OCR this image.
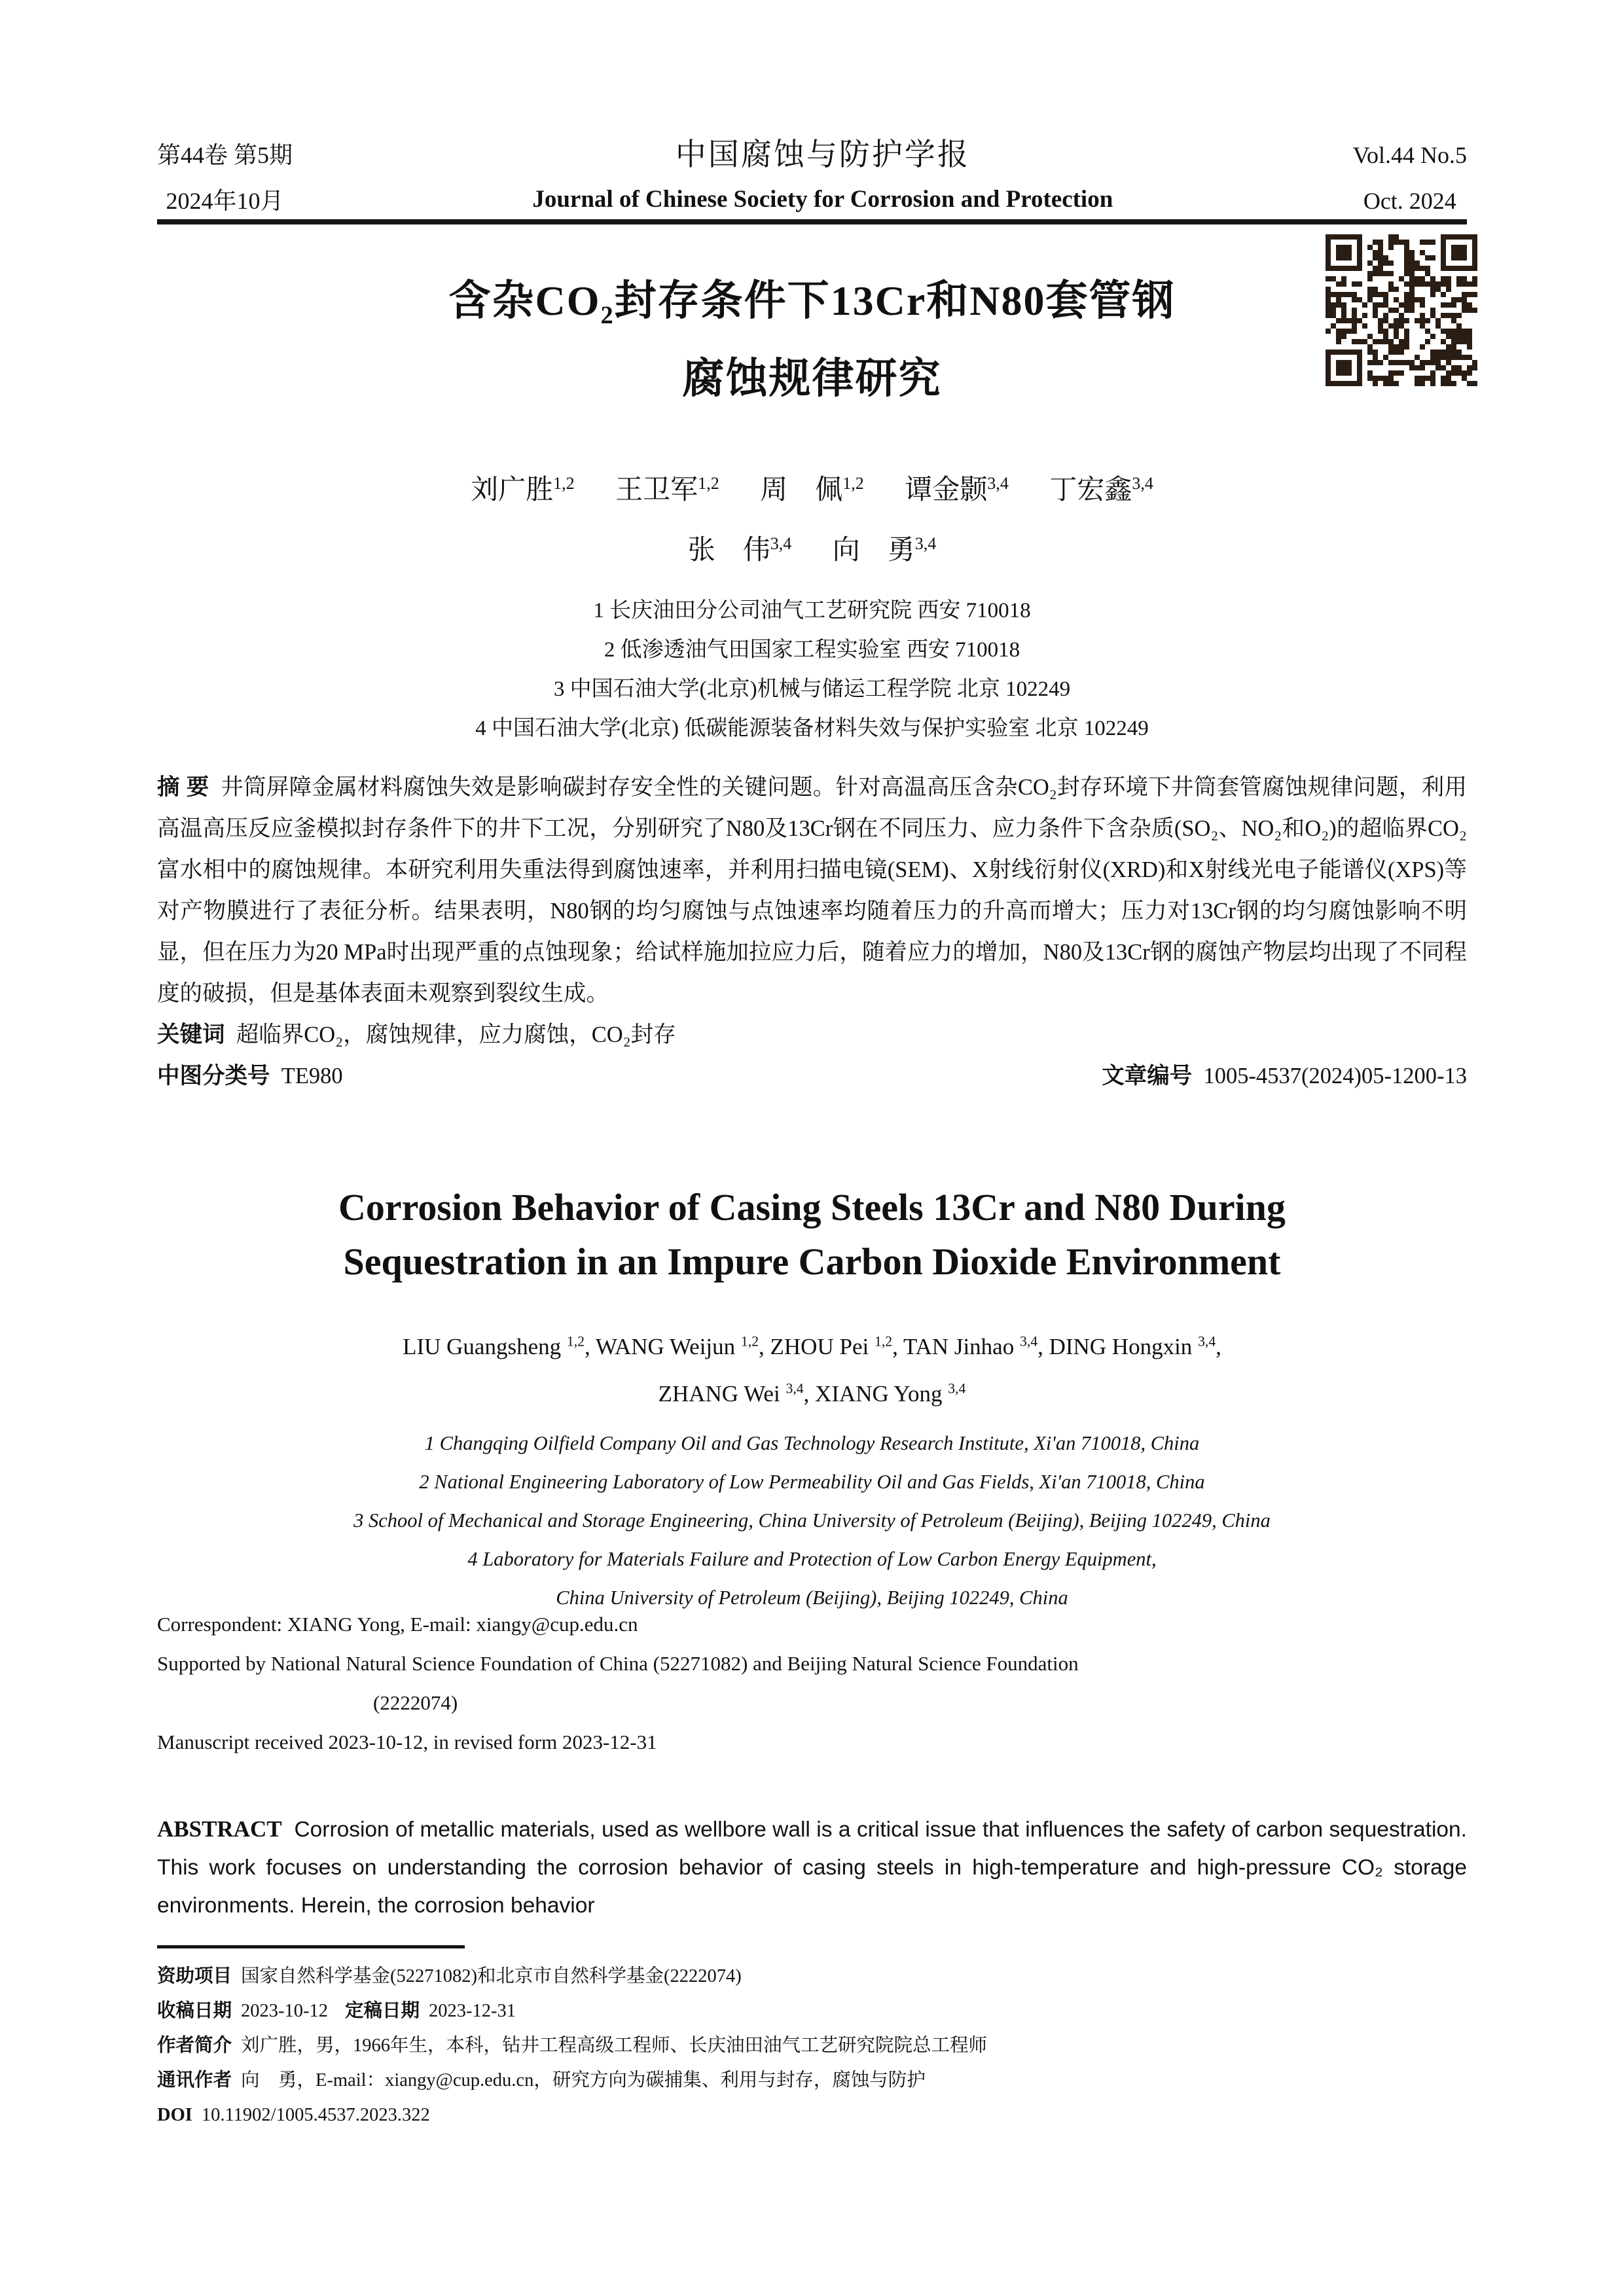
第44卷 第5期
2024年10月
中国腐蚀与防护学报
Journal of Chinese Society for Corrosion and Protection
Vol.44 No.5
Oct. 2024
含杂CO₂封存条件下13Cr和N80套管钢
腐蚀规律研究
刘广胜$^{1,2}$ 王卫军$^{1,2}$ 周　佩$^{1,2}$ 谭金颢$^{3,4}$ 丁宏鑫$^{3,4}$
张　伟$^{3,4}$ 向　勇$^{3,4}$
1 长庆油田分公司油气工艺研究院 西安 710018
2 低渗透油气田国家工程实验室 西安 710018
3 中国石油大学(北京)机械与储运工程学院 北京 102249
4 中国石油大学(北京) 低碳能源装备材料失效与保护实验室 北京 102249

摘 要 井筒屏障金属材料腐蚀失效是影响碳封存安全性的关键问题。针对高温高压含杂CO₂封存环境下井筒套管腐蚀规律问题，利用高温高压反应釜模拟封存条件下的井下工况，分别研究了N80及13Cr钢在不同压力、应力条件下含杂质(SO₂、NO₂和O₂)的超临界CO₂富水相中的腐蚀规律。本研究利用失重法得到腐蚀速率，并利用扫描电镜(SEM)、X射线衍射仪(XRD)和X射线光电子能谱仪(XPS)等对产物膜进行了表征分析。结果表明，N80钢的均匀腐蚀与点蚀速率均随着压力的升高而增大；压力对13Cr钢的均匀腐蚀影响不明显，但在压力为20 MPa时出现严重的点蚀现象；给试样施加拉应力后，随着应力的增加，N80及13Cr钢的腐蚀产物层均出现了不同程度的破损，但是基体表面未观察到裂纹生成。

关键词 超临界CO₂，腐蚀规律，应力腐蚀，CO₂封存
中图分类号 TE980	文章编号 1005-4537(2024)05-1200-13
Corrosion Behavior of Casing Steels 13Cr and N80 During
Sequestration in an Impure Carbon Dioxide Environment
LIU Guangsheng $^{1,2}$, WANG Weijun $^{1,2}$, ZHOU Pei $^{1,2}$, TAN Jinhao $^{3,4}$, DING Hongxin $^{3,4}$,
ZHANG Wei $^{3,4}$, XIANG Yong $^{3,4}$
1 Changqing Oilfield Company Oil and Gas Technology Research Institute, Xi'an 710018, China
2 National Engineering Laboratory of Low Permeability Oil and Gas Fields, Xi'an 710018, China
3 School of Mechanical and Storage Engineering, China University of Petroleum (Beijing), Beijing 102249, China
4 Laboratory for Materials Failure and Protection of Low Carbon Energy Equipment,
China University of Petroleum (Beijing), Beijing 102249, China
Correspondent: XIANG Yong, E-mail: xiangy@cup.edu.cn
Supported by National Natural Science Foundation of China (52271082) and Beijing Natural Science Foundation
(2222074)
Manuscript received 2023-10-12, in revised form 2023-12-31

ABSTRACT Corrosion of metallic materials, used as wellbore wall is a critical issue that influences the safety of carbon sequestration. This work focuses on understanding the corrosion behavior of casing steels in high-temperature and high-pressure CO₂ storage environments. Herein, the corrosion behavior

资助项目 国家自然科学基金(52271082)和北京市自然科学基金(2222074)
收稿日期 2023-10-12 定稿日期 2023-12-31
作者简介 刘广胜，男，1966年生，本科，钻井工程高级工程师、长庆油田油气工艺研究院院总工程师
通讯作者 向　勇，E-mail：xiangy@cup.edu.cn，研究方向为碳捕集、利用与封存，腐蚀与防护
DOI 10.11902/1005.4537.2023.322
